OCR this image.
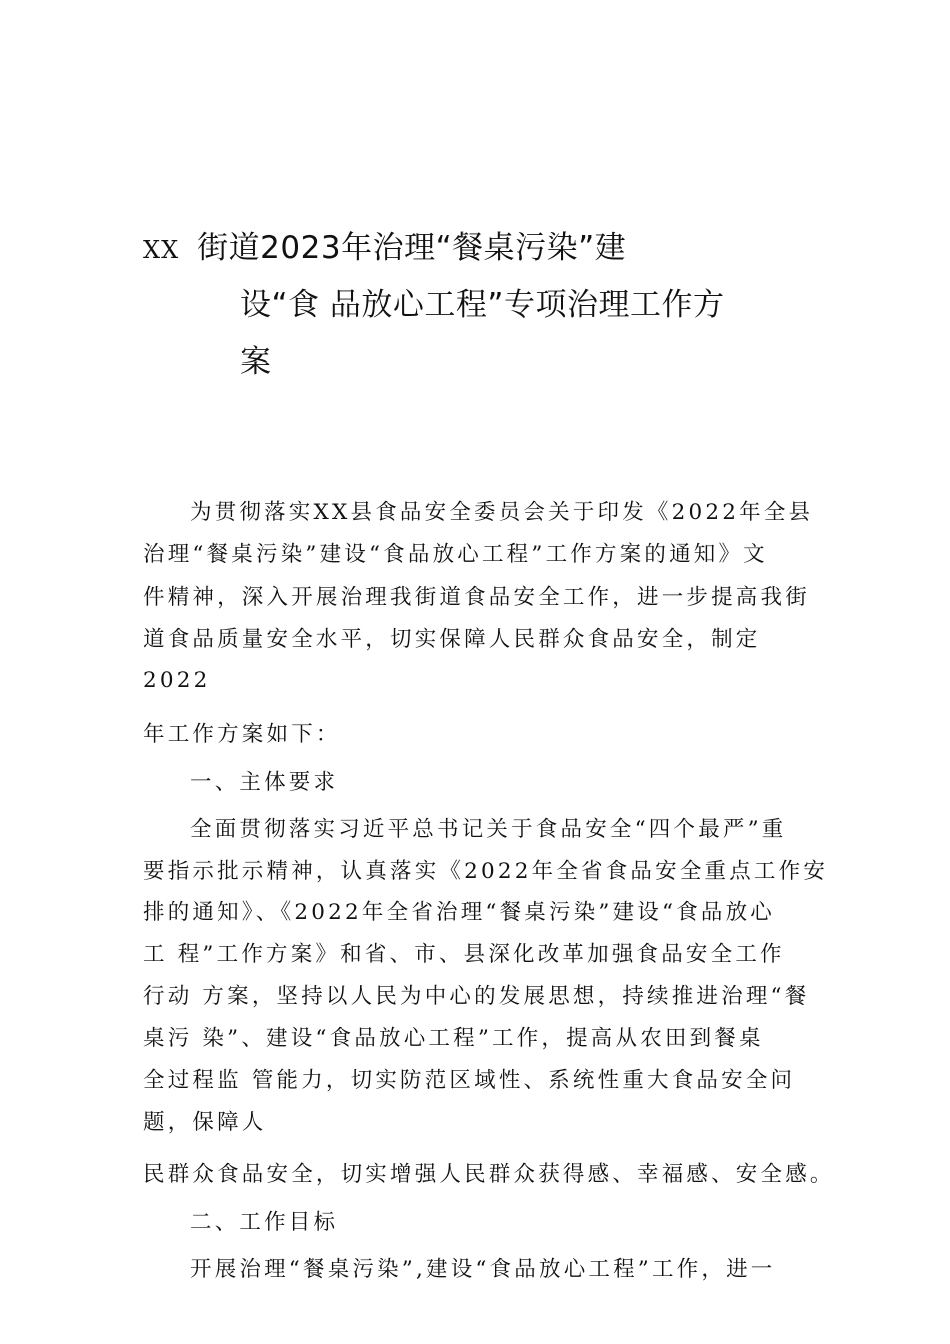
XX 街道2023年治理“餐桌污染”建
设“食 品放心工程”专项治理工作方
案
为贯彻落实XX县食品安全委员会关于印发《2022年全县
治理“餐桌污染”建设“食品放心工程”工作方案的通知》文
件精神，深入开展治理我街道食品安全工作，进一步提高我街
道食品质量安全水平，切实保障人民群众食品安全，制定
2022
年工作方案如下：
一、主体要求
全面贯彻落实习近平总书记关于食品安全“四个最严”重
要指示批示精神，认真落实《2022年全省食品安全重点工作安
排的通知》、《2022年全省治理“餐桌污染”建设“食品放心
工 程”工作方案》和省、市、县深化改革加强食品安全工作
行动 方案，坚持以人民为中心的发展思想，持续推进治理“餐
桌污 染”、建设“食品放心工程”工作，提高从农田到餐桌
全过程监 管能力，切实防范区域性、系统性重大食品安全问
题，保障人
民群众食品安全，切实增强人民群众获得感、幸福感、安全感。
二、工作目标
开展治理“餐桌污染”,建设“食品放心工程”工作，进一
